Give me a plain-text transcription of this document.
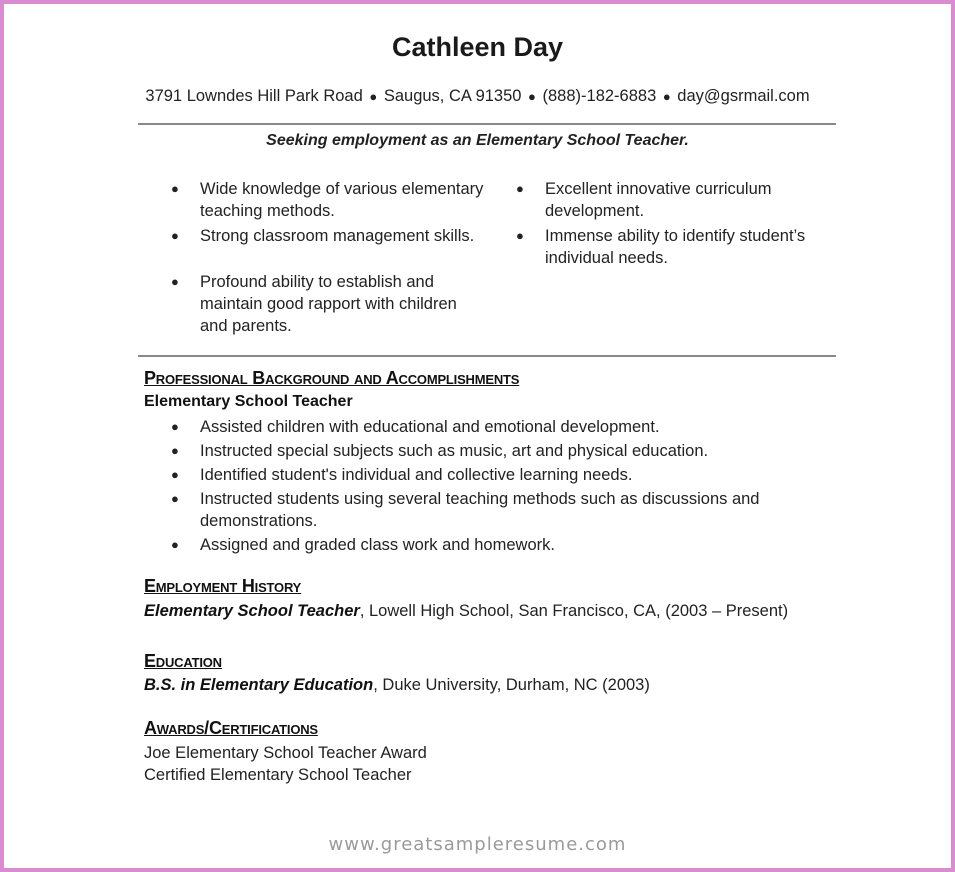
Cathleen Day
3791 Lowndes Hill Park Road ● Saugus, CA 91350 ● (888)-182-6883 ● day@gsrmail.com
Seeking employment as an Elementary School Teacher.
● Wide knowledge of various elementary teaching methods.
● Strong classroom management skills.
● Profound ability to establish and maintain good rapport with children and parents.
● Excellent innovative curriculum development.
● Immense ability to identify student’s individual needs.
Professional Background and Accomplishments
Elementary School Teacher
● Assisted children with educational and emotional development.
● Instructed special subjects such as music, art and physical education.
● Identified student's individual and collective learning needs.
● Instructed students using several teaching methods such as discussions and demonstrations.
● Assigned and graded class work and homework.
Employment History
Elementary School Teacher, Lowell High School, San Francisco, CA, (2003 – Present)
Education
B.S. in Elementary Education, Duke University, Durham, NC (2003)
Awards/Certifications
Joe Elementary School Teacher Award
Certified Elementary School Teacher
www.greatsampleresume.com
